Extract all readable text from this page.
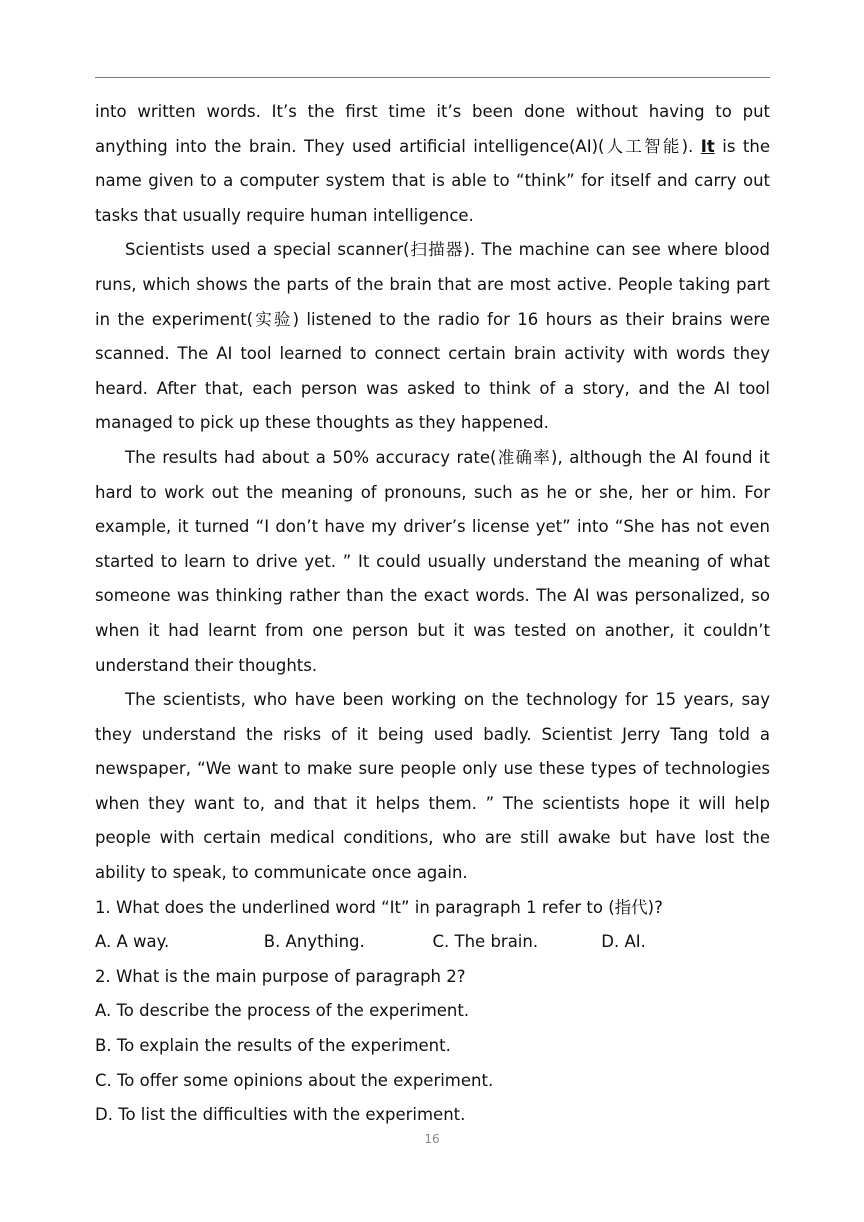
into written words. It’s the first time it’s been done without having to put anything into the brain. They used artificial intelligence(AI)(人工智能). It is the name given to a computer system that is able to “think” for itself and carry out tasks that usually require human intelligence.

Scientists used a special scanner(扫描器). The machine can see where blood runs, which shows the parts of the brain that are most active. People taking part in the experiment(实验) listened to the radio for 16 hours as their brains were scanned. The AI tool learned to connect certain brain activity with words they heard. After that, each person was asked to think of a story, and the AI tool managed to pick up these thoughts as they happened.

The results had about a 50% accuracy rate(准确率), although the AI found it hard to work out the meaning of pronouns, such as he or she, her or him. For example, it turned “I don’t have my driver’s license yet” into “She has not even started to learn to drive yet. ” It could usually understand the meaning of what someone was thinking rather than the exact words. The AI was personalized, so when it had learnt from one person but it was tested on another, it couldn’t understand their thoughts.

The scientists, who have been working on the technology for 15 years, say they understand the risks of it being used badly. Scientist Jerry Tang told a newspaper, “We want to make sure people only use these types of technologies when they want to, and that it helps them. ” The scientists hope it will help people with certain medical conditions, who are still awake but have lost the ability to speak, to communicate once again.

1. What does the underlined word “It” in paragraph 1 refer to (指代)?

A. A way.	B. Anything.	C. The brain.	D. AI.

2. What is the main purpose of paragraph 2?

A. To describe the process of the experiment.

B. To explain the results of the experiment.

C. To offer some opinions about the experiment.

D. To list the difficulties with the experiment.

16
